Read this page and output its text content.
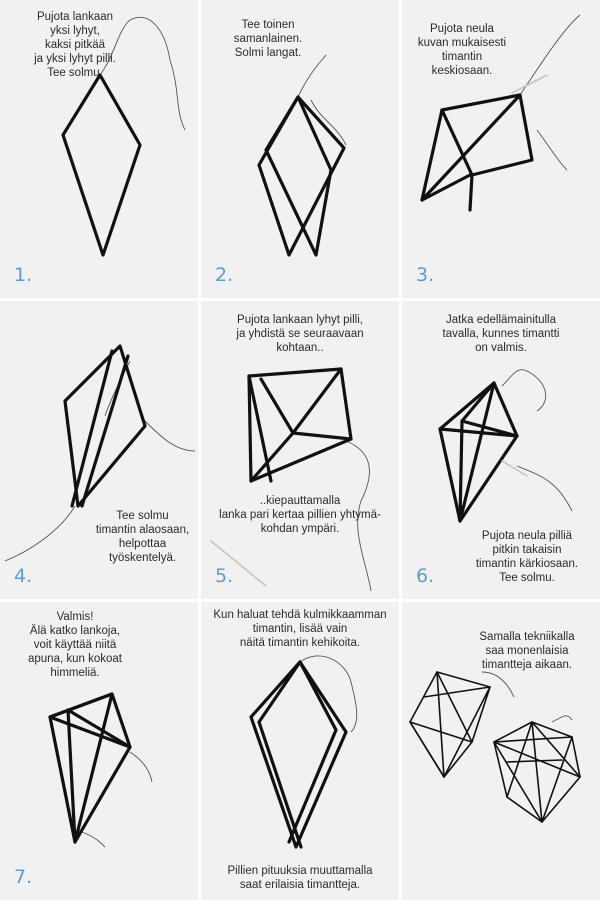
Pujota lankaan
yksi lyhyt,
kaksi pitkää
ja yksi lyhyt pilli.
Tee solmu.
1.
Tee toinen
samanlainen.
Solmi langat.
2.
Pujota neula
kuvan mukaisesti
timantin
keskiosaan.
3.
Tee solmu
timantin alaosaan,
helpottaa
työskentelyä.
4.
Pujota lankaan lyhyt pilli,
ja yhdistä se seuraavaan
kohtaan..
..kiepauttamalla
lanka pari kertaa pillien yhtymä-
kohdan ympäri.
5.
Jatka edellämainitulla
tavalla, kunnes timantti
on valmis.
Pujota neula pilliä
pitkin takaisin
timantin kärkiosaan.
Tee solmu.
6.
Valmis!
Älä katko lankoja,
voit käyttää niitä
apuna, kun kokoat
himmeliä.
7.
Kun haluat tehdä kulmikkaamman
timantin, lisää vain
näitä timantin kehikoita.
Pillien pituuksia muuttamalla
saat erilaisia timantteja.
Samalla tekniikalla
saa monenlaisia
timantteja aikaan.
